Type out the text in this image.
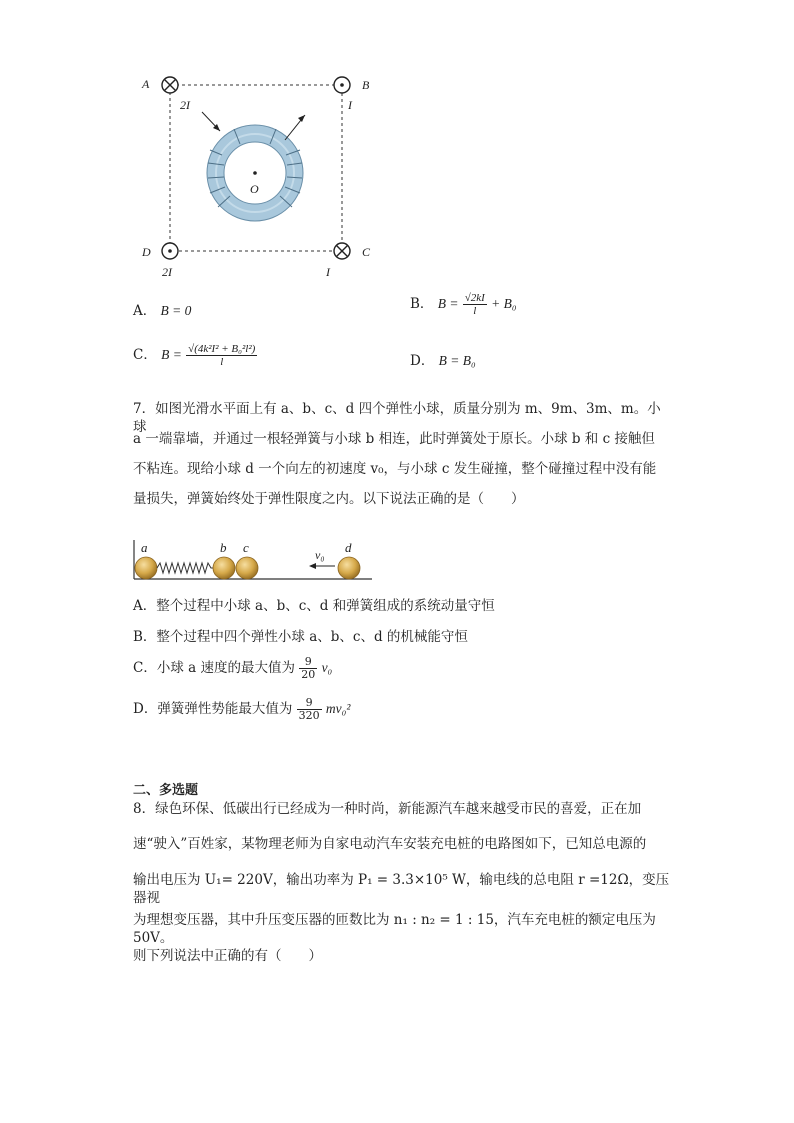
A	B
D	C
O
2I	I
2I	I
A． B = 0	B． $B = \frac{√2kI}{l} + B_0$
C． $B = \frac{\text{√(4k²I² + B₀²l²)}}{l}$	D． B = B₀
7．如图光滑水平面上有 a、b、c、d 四个弹性小球，质量分别为 m、9m、3m、m。小球
a 一端靠墙，并通过一根轻弹簧与小球 b 相连，此时弹簧处于原长。小球 b 和 c 接触但
不粘连。现给小球 d 一个向左的初速度 v₀，与小球 c 发生碰撞，整个碰撞过程中没有能
量损失，弹簧始终处于弹性限度之内。以下说法正确的是（　　）
a	b c	d
v₀
A．整个过程中小球 a、b、c、d 和弹簧组成的系统动量守恒
B．整个过程中四个弹性小球 a、b、c、d 的机械能守恒
C．小球 a 速度的最大值为 $\frac{9}{20} v_0$
D．弹簧弹性势能最大值为 $\frac{9}{320} mv_0^2$
二、多选题
8．绿色环保、低碳出行已经成为一种时尚，新能源汽车越来越受市民的喜爱，正在加
速“驶入”百姓家，某物理老师为自家电动汽车安装充电桩的电路图如下，已知总电源的
输出电压为 U₁= 220V，输出功率为 P₁ = 3.3×10⁵ W，输电线的总电阻 r =12Ω，变压器视
为理想变压器，其中升压变压器的匝数比为 n₁ : n₂ = 1 : 15，汽车充电桩的额定电压为 50V。
则下列说法中正确的有（　　）
